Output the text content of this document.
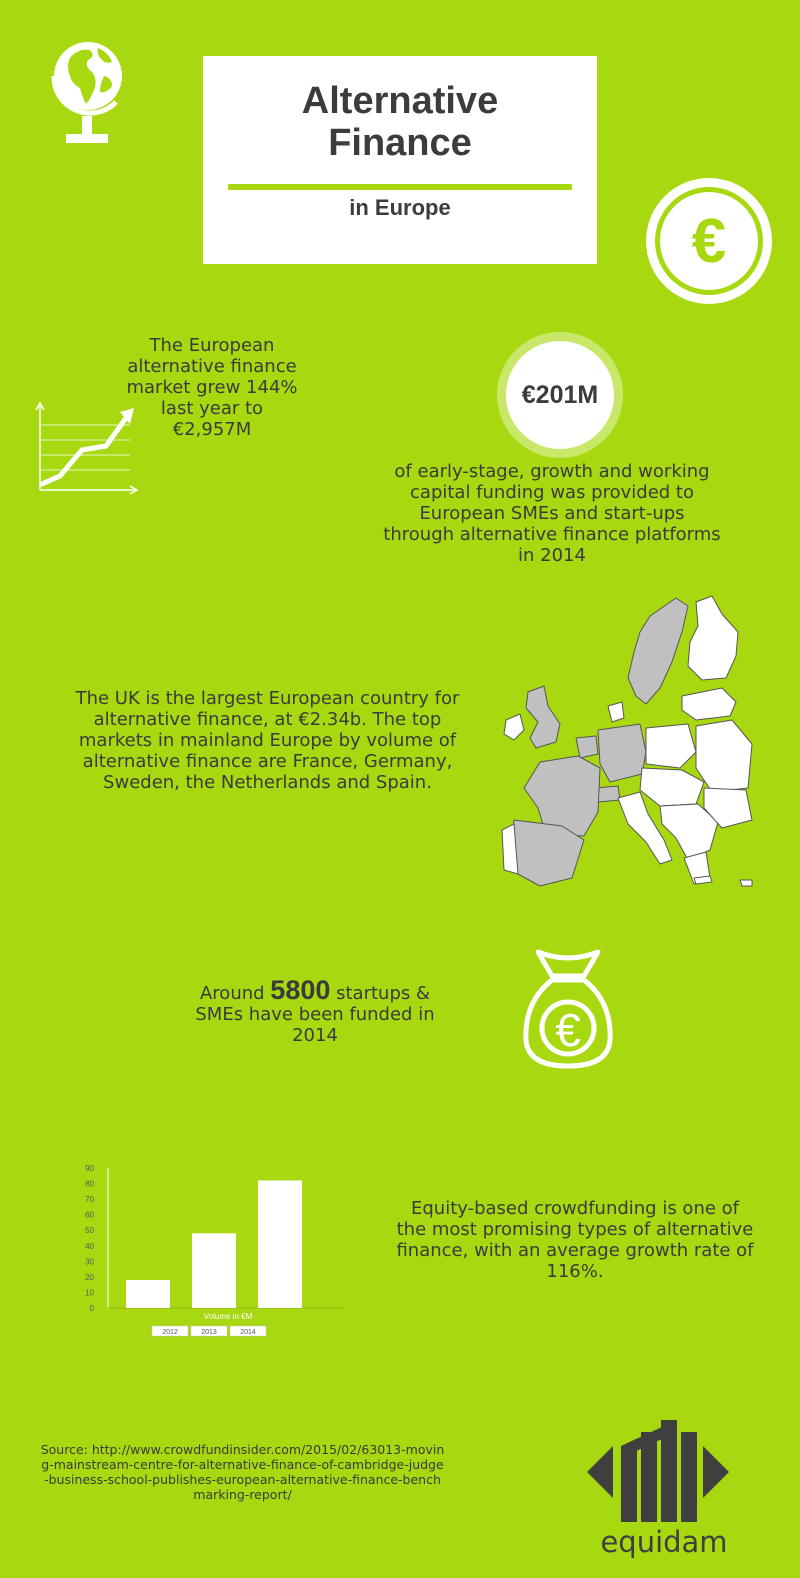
Alternative
Finance
in Europe	€
The European
alternative finance
market grew 144%
last year to
€2,957M
€201M
of early-stage, growth and working
capital funding was provided to
European SMEs and start-ups
through alternative finance platforms
in 2014
The UK is the largest European country for
alternative finance, at €2.34b. The top
markets in mainland Europe by volume of
alternative finance are France, Germany,
Sweden, the Netherlands and Spain.
Around 5800 startups &
SMEs have been funded in
2014	€
0
10
20
30
40
50
60
70
80
90
Volume in €M
2012	2013	2014
Equity-based crowdfunding is one of
the most promising types of alternative
finance, with an average growth rate of
116%.
Source: http://www.crowdfundinsider.com/2015/02/63013-moving-mainstream-centre-for-alternative-finance-of-cambridge-judge-business-school-publishes-european-alternative-finance-benchmarking-report/
equidam
